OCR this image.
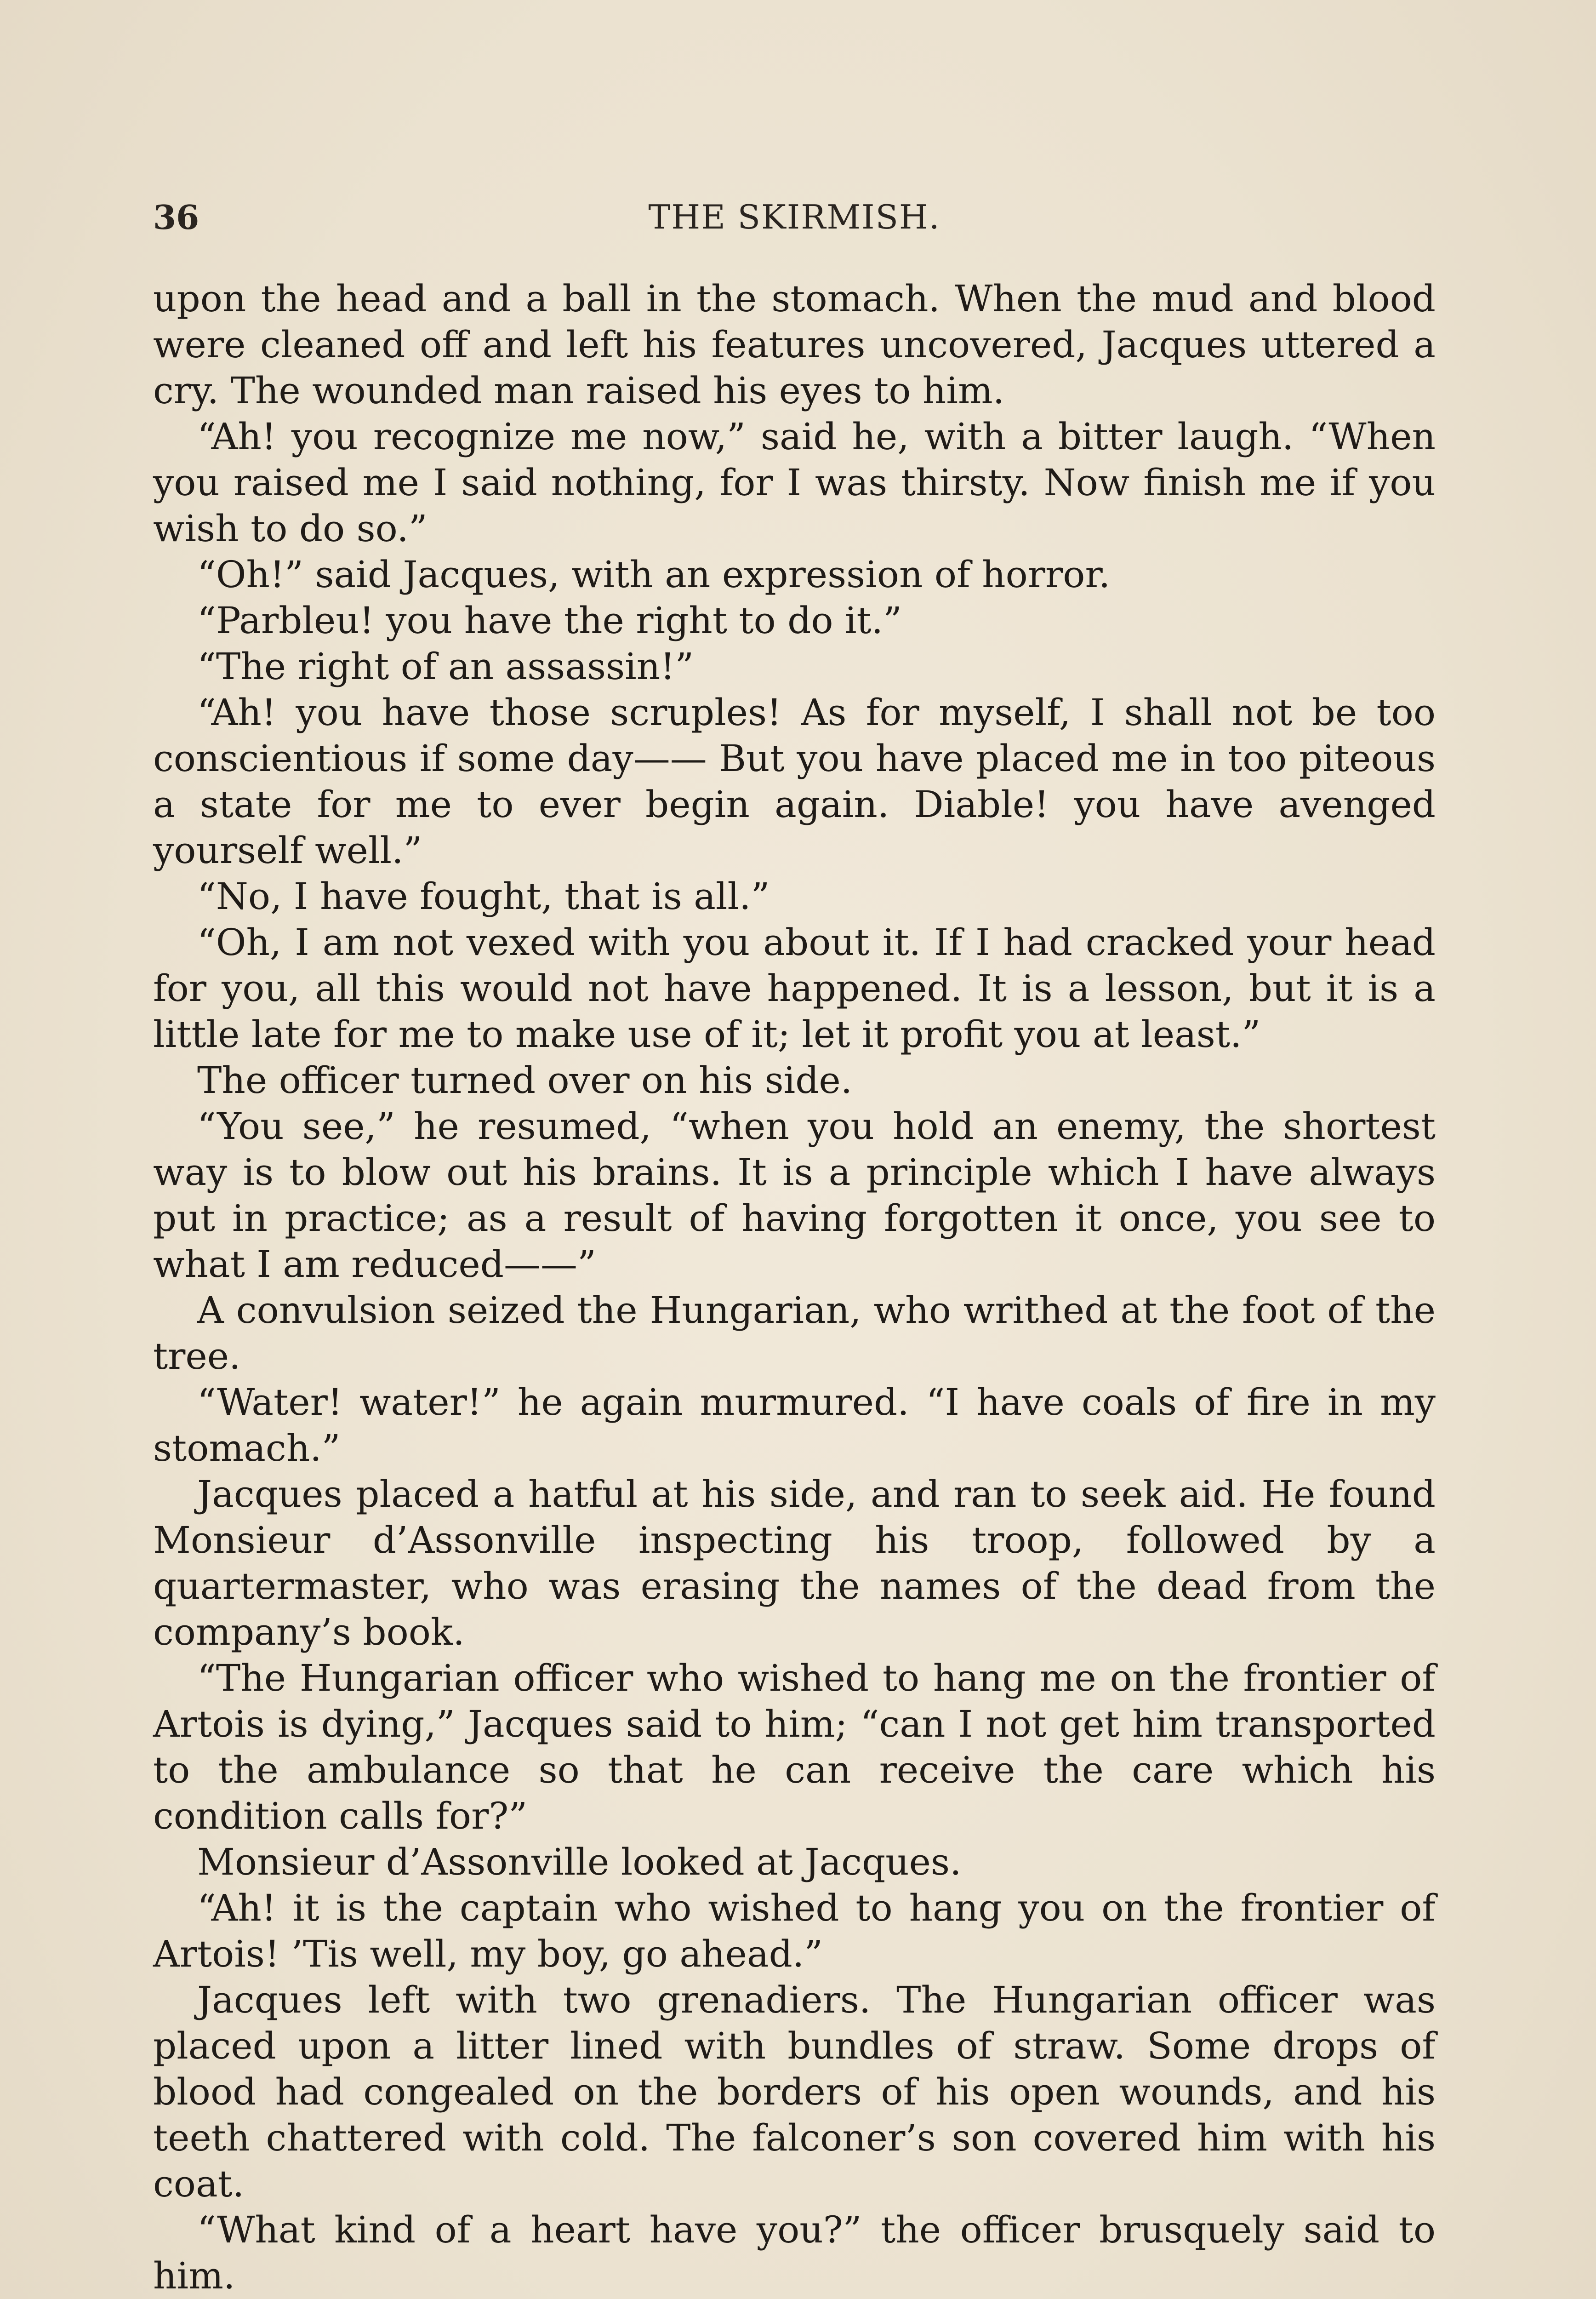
36	THE SKIRMISH.

upon the head and a ball in the stomach. When the mud and blood were cleaned off and left his features uncovered, Jacques uttered a cry. The wounded man raised his eyes to him.

“Ah! you recognize me now,” said he, with a bitter laugh. “When you raised me I said nothing, for I was thirsty. Now finish me if you wish to do so.”

“Oh!” said Jacques, with an expression of horror.

“Parbleu! you have the right to do it.”

“The right of an assassin!”

“Ah! you have those scruples! As for myself, I shall not be too conscientious if some day—— But you have placed me in too piteous a state for me to ever begin again. Diable! you have avenged yourself well.”

“No, I have fought, that is all.”

“Oh, I am not vexed with you about it. If I had cracked your head for you, all this would not have happened. It is a lesson, but it is a little late for me to make use of it; let it profit you at least.”

The officer turned over on his side.

“You see,” he resumed, “when you hold an enemy, the shortest way is to blow out his brains. It is a principle which I have always put in practice; as a result of having forgotten it once, you see to what I am reduced——”

A convulsion seized the Hungarian, who writhed at the foot of the tree.

“Water! water!” he again murmured. “I have coals of fire in my stomach.”

Jacques placed a hatful at his side, and ran to seek aid. He found Monsieur d’Assonville inspecting his troop, followed by a quartermaster, who was erasing the names of the dead from the company’s book.

“The Hungarian officer who wished to hang me on the frontier of Artois is dying,” Jacques said to him; “can I not get him transported to the ambulance so that he can receive the care which his condition calls for?”

Monsieur d’Assonville looked at Jacques.

“Ah! it is the captain who wished to hang you on the frontier of Artois! ’Tis well, my boy, go ahead.”

Jacques left with two grenadiers. The Hungarian officer was placed upon a litter lined with bundles of straw. Some drops of blood had congealed on the borders of his open wounds, and his teeth chattered with cold. The falconer’s son covered him with his coat.

“What kind of a heart have you?” the officer brusquely said to him.
